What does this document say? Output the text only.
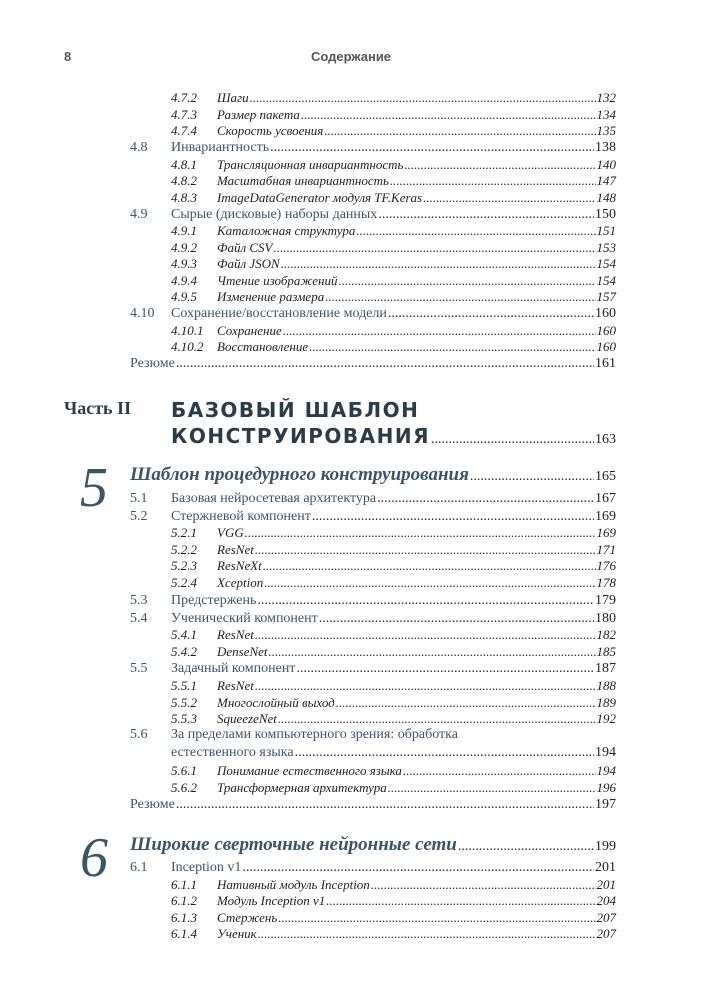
8	Содержание
4.7.2 Шаги .....	132
4.7.3 Размер пакета .....	134
4.7.4 Скорость усвоения .....	135
4.8 Инвариантность .....	138
4.8.1 Трансляционная инвариантность .....	140
4.8.2 Масштабная инвариантность .....	147
4.8.3 ImageDataGenerator модуля TF.Keras .....	148
4.9 Сырые (дисковые) наборы данных .....	150
4.9.1 Каталожная структура .....	151
4.9.2 Файл CSV .....	153
4.9.3 Файл JSON .....	154
4.9.4 Чтение изображений .....	154
4.9.5 Изменение размера .....	157
4.10 Сохранение/восстановление модели .....	160
4.10.1 Сохранение .....	160
4.10.2 Восстановление .....	160
Резюме .....	161
Часть II БАЗОВЫЙ ШАБЛОН
КОНСТРУИРОВАНИЯ .....	163
5 Шаблон процедурного конструирования .....	165
5.1 Базовая нейросетевая архитектура .....	167
5.2 Стержневой компонент .....	169
5.2.1 VGG .....	169
5.2.2 ResNet .....	171
5.2.3 ResNeXt .....	176
5.2.4 Xception .....	178
5.3 Предстержень .....	179
5.4 Ученический компонент .....	180
5.4.1 ResNet .....	182
5.4.2 DenseNet .....	185
5.5 Задачный компонент .....	187
5.5.1 ResNet .....	188
5.5.2 Многослойный выход .....	189
5.5.3 SqueezeNet .....	192
5.6 За пределами компьютерного зрения: обработка
естественного языка .....	194
5.6.1 Понимание естественного языка .....	194
5.6.2 Трансформерная архитектура .....	196
Резюме .....	197
6 Широкие сверточные нейронные сети .....	199
6.1 Inception v1 .....	201
6.1.1 Нативный модуль Inception .....	201
6.1.2 Модуль Inception v1 .....	204
6.1.3 Стержень .....	207
6.1.4 Ученик .....	207
